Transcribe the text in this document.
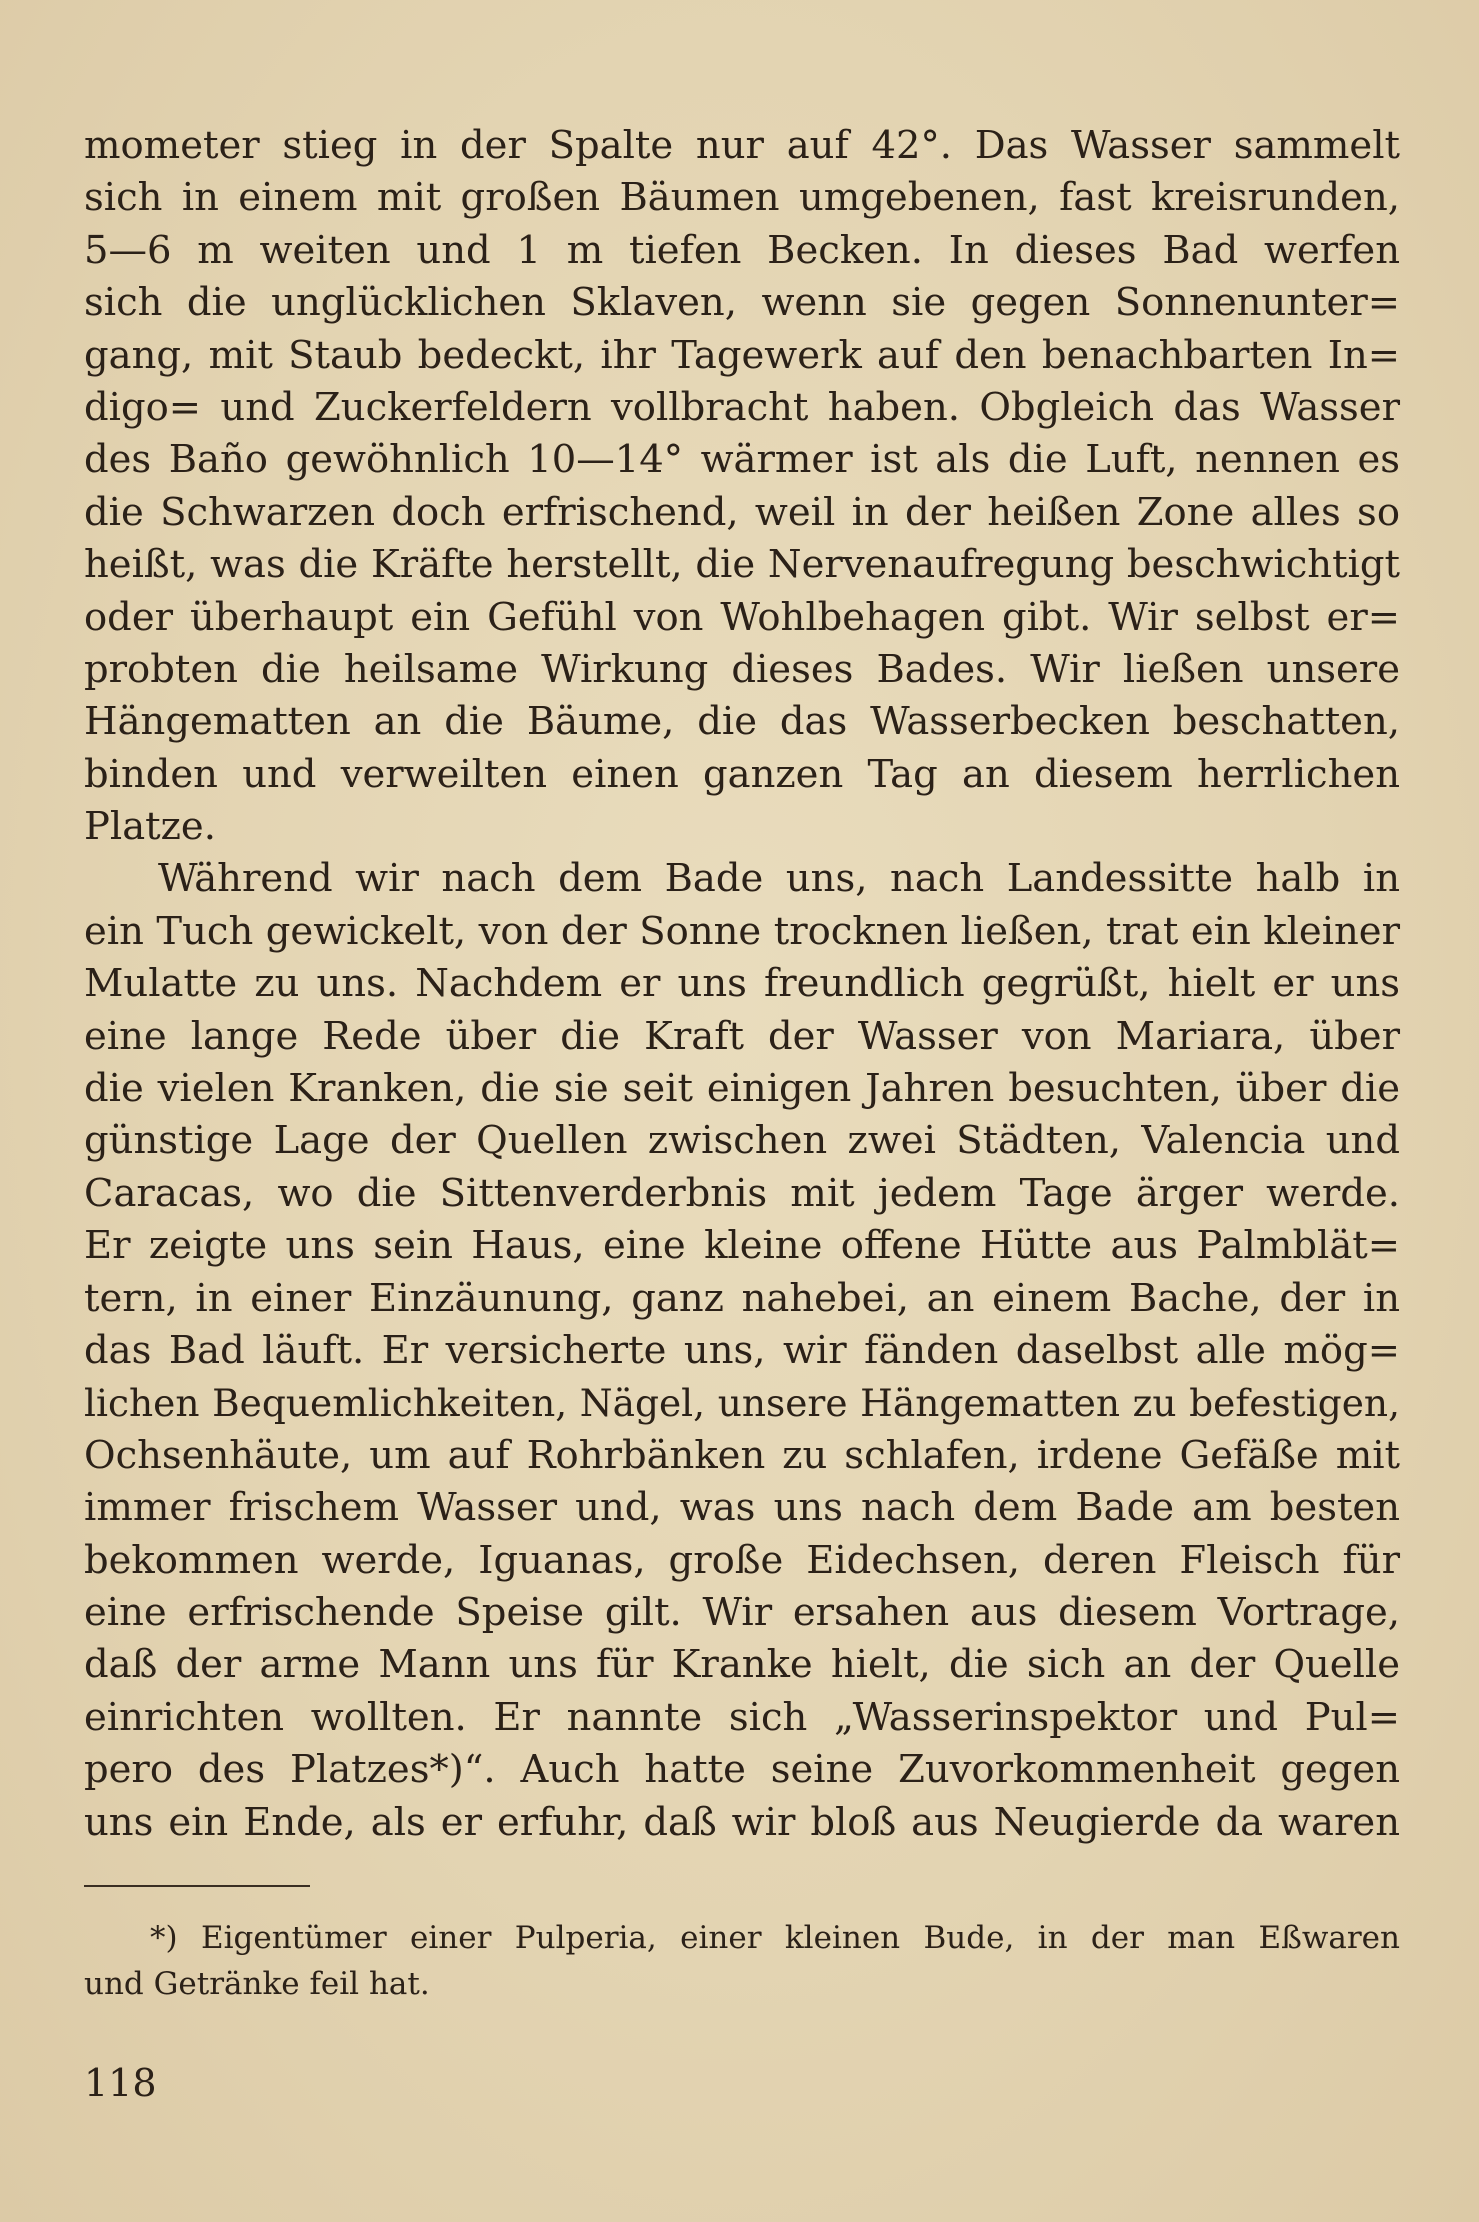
mometer stieg in der Spalte nur auf 42°. Das Wasser sammelt
sich in einem mit großen Bäumen umgebenen, fast kreisrunden,
5—6 m weiten und 1 m tiefen Becken. In dieses Bad werfen
sich die unglücklichen Sklaven, wenn sie gegen Sonnenunter=
gang, mit Staub bedeckt, ihr Tagewerk auf den benachbarten In=
digo= und Zuckerfeldern vollbracht haben. Obgleich das Wasser
des Baño gewöhnlich 10—14° wärmer ist als die Luft, nennen es
die Schwarzen doch erfrischend, weil in der heißen Zone alles so
heißt, was die Kräfte herstellt, die Nervenaufregung beschwichtigt
oder überhaupt ein Gefühl von Wohlbehagen gibt. Wir selbst er=
probten die heilsame Wirkung dieses Bades. Wir ließen unsere
Hängematten an die Bäume, die das Wasserbecken beschatten,
binden und verweilten einen ganzen Tag an diesem herrlichen
Platze.
Während wir nach dem Bade uns, nach Landessitte halb in
ein Tuch gewickelt, von der Sonne trocknen ließen, trat ein kleiner
Mulatte zu uns. Nachdem er uns freundlich gegrüßt, hielt er uns
eine lange Rede über die Kraft der Wasser von Mariara, über
die vielen Kranken, die sie seit einigen Jahren besuchten, über die
günstige Lage der Quellen zwischen zwei Städten, Valencia und
Caracas, wo die Sittenverderbnis mit jedem Tage ärger werde.
Er zeigte uns sein Haus, eine kleine offene Hütte aus Palmblät=
tern, in einer Einzäunung, ganz nahebei, an einem Bache, der in
das Bad läuft. Er versicherte uns, wir fänden daselbst alle mög=
lichen Bequemlichkeiten, Nägel, unsere Hängematten zu befestigen,
Ochsenhäute, um auf Rohrbänken zu schlafen, irdene Gefäße mit
immer frischem Wasser und, was uns nach dem Bade am besten
bekommen werde, Iguanas, große Eidechsen, deren Fleisch für
eine erfrischende Speise gilt. Wir ersahen aus diesem Vortrage,
daß der arme Mann uns für Kranke hielt, die sich an der Quelle
einrichten wollten. Er nannte sich „Wasserinspektor und Pul=
pero des Platzes*)“. Auch hatte seine Zuvorkommenheit gegen
uns ein Ende, als er erfuhr, daß wir bloß aus Neugierde da waren
*) Eigentümer einer Pulperia, einer kleinen Bude, in der man Eßwaren
und Getränke feil hat.
118
